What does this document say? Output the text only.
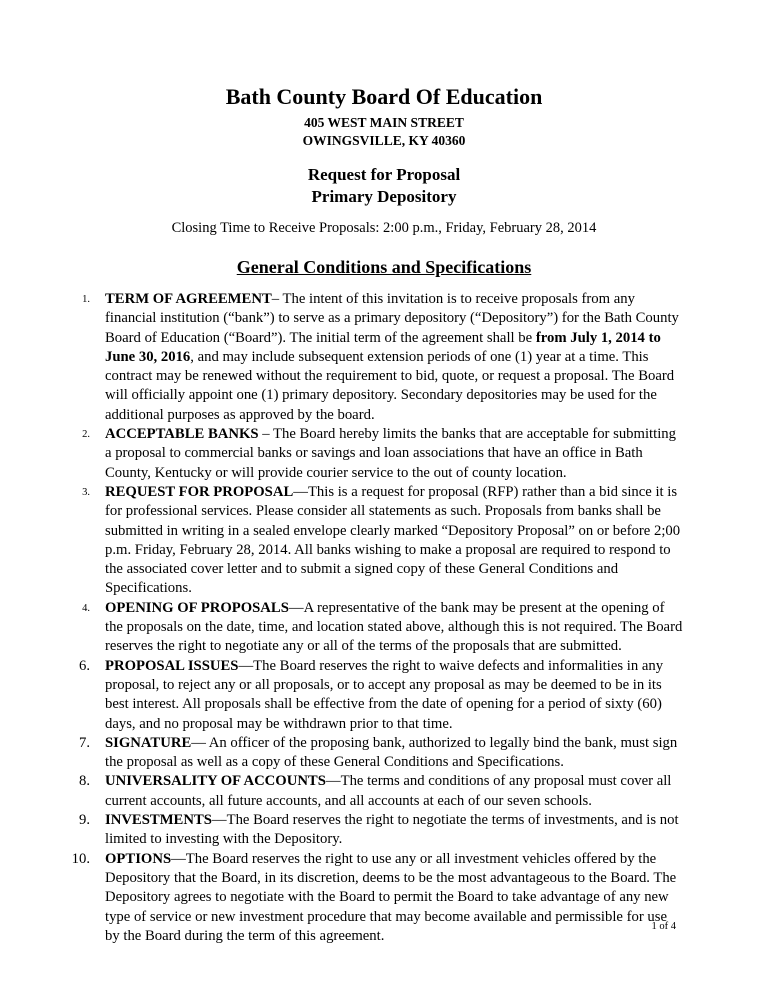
Bath County Board Of Education
405 WEST MAIN STREET
OWINGSVILLE, KY 40360
Request for Proposal
Primary Depository
Closing Time to Receive Proposals: 2:00 p.m., Friday, February 28, 2014
General Conditions and Specifications
1. TERM OF AGREEMENT– The intent of this invitation is to receive proposals from any financial institution (“bank”) to serve as a primary depository (“Depository”) for the Bath County Board of Education (“Board”). The initial term of the agreement shall be from July 1, 2014 to June 30, 2016, and may include subsequent extension periods of one (1) year at a time. This contract may be renewed without the requirement to bid, quote, or request a proposal. The Board will officially appoint one (1) primary depository. Secondary depositories may be used for the additional purposes as approved by the board.
2. ACCEPTABLE BANKS – The Board hereby limits the banks that are acceptable for submitting a proposal to commercial banks or savings and loan associations that have an office in Bath County, Kentucky or will provide courier service to the out of county location.
3. REQUEST FOR PROPOSAL—This is a request for proposal (RFP) rather than a bid since it is for professional services. Please consider all statements as such. Proposals from banks shall be submitted in writing in a sealed envelope clearly marked “Depository Proposal” on or before 2;00 p.m. Friday, February 28, 2014. All banks wishing to make a proposal are required to respond to the associated cover letter and to submit a signed copy of these General Conditions and Specifications.
4. OPENING OF PROPOSALS—A representative of the bank may be present at the opening of the proposals on the date, time, and location stated above, although this is not required. The Board reserves the right to negotiate any or all of the terms of the proposals that are submitted.
6. PROPOSAL ISSUES—The Board reserves the right to waive defects and informalities in any proposal, to reject any or all proposals, or to accept any proposal as may be deemed to be in its best interest. All proposals shall be effective from the date of opening for a period of sixty (60) days, and no proposal may be withdrawn prior to that time.
7. SIGNATURE— An officer of the proposing bank, authorized to legally bind the bank, must sign the proposal as well as a copy of these General Conditions and Specifications.
8. UNIVERSALITY OF ACCOUNTS—The terms and conditions of any proposal must cover all current accounts, all future accounts, and all accounts at each of our seven schools.
9. INVESTMENTS—The Board reserves the right to negotiate the terms of investments, and is not limited to investing with the Depository.
10. OPTIONS—The Board reserves the right to use any or all investment vehicles offered by the Depository that the Board, in its discretion, deems to be the most advantageous to the Board. The Depository agrees to negotiate with the Board to permit the Board to take advantage of any new type of service or new investment procedure that may become available and permissible for use by the Board during the term of this agreement.
1 of 4
